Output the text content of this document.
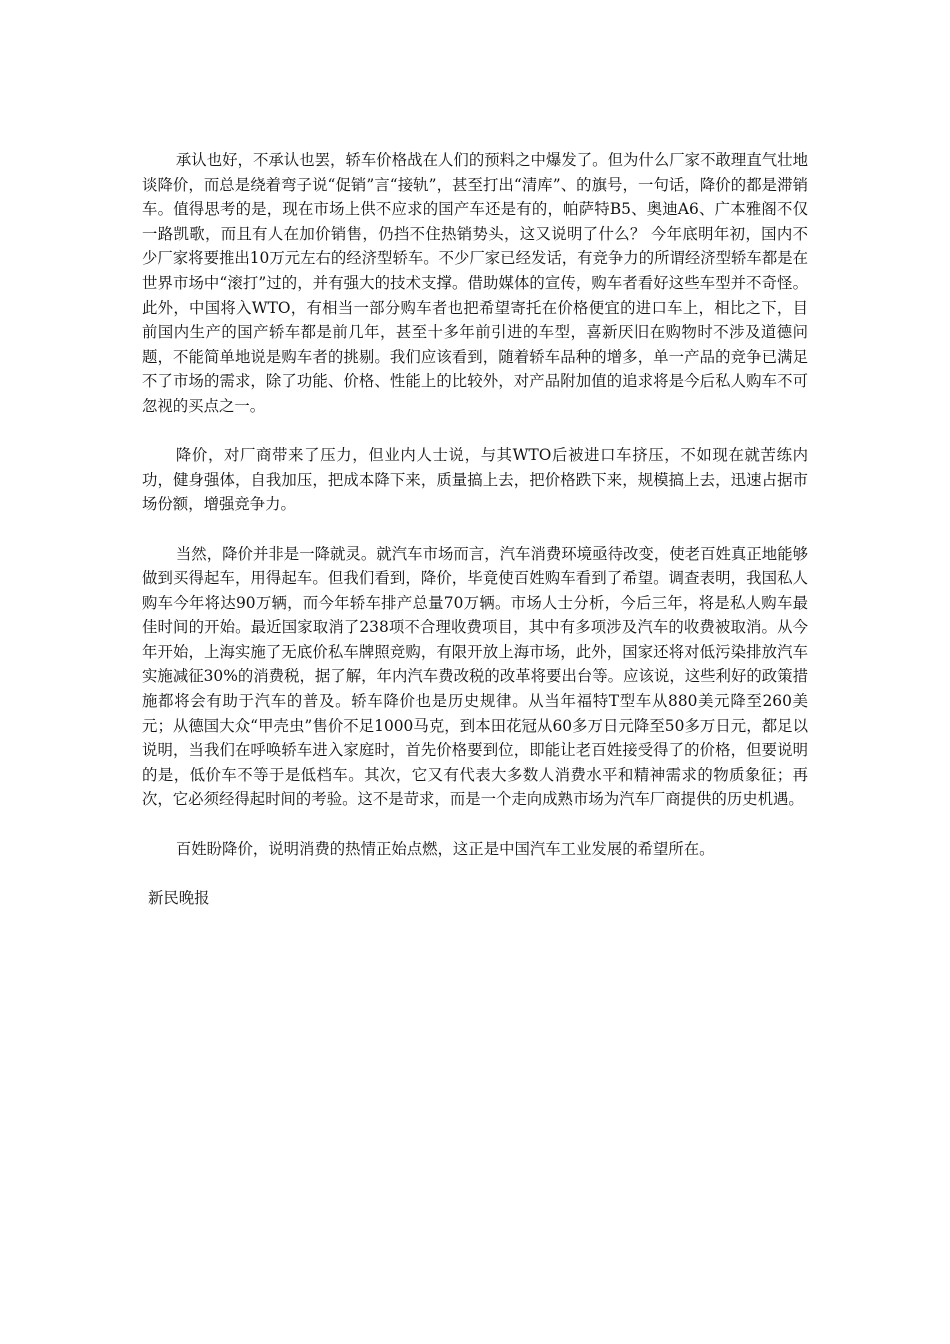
承认也好，不承认也罢，轿车价格战在人们的预料之中爆发了。但为什么厂家不敢理直气壮地谈降价，而总是绕着弯子说“促销”言“接轨”，甚至打出“清库”、的旗号，一句话，降价的都是滞销车。值得思考的是，现在市场上供不应求的国产车还是有的，帕萨特B5、奥迪A6、广本雅阁不仅一路凯歌，而且有人在加价销售，仍挡不住热销势头，这又说明了什么？ 今年底明年初，国内不少厂家将要推出10万元左右的经济型轿车。不少厂家已经发话，有竞争力的所谓经济型轿车都是在世界市场中“滚打”过的，并有强大的技术支撑。借助媒体的宣传，购车者看好这些车型并不奇怪。此外，中国将入WTO，有相当一部分购车者也把希望寄托在价格便宜的进口车上，相比之下，目前国内生产的国产轿车都是前几年，甚至十多年前引进的车型，喜新厌旧在购物时不涉及道德问题，不能简单地说是购车者的挑剔。我们应该看到，随着轿车品种的增多，单一产品的竞争已满足不了市场的需求，除了功能、价格、性能上的比较外，对产品附加值的追求将是今后私人购车不可忽视的买点之一。

降价，对厂商带来了压力，但业内人士说，与其WTO后被进口车挤压，不如现在就苦练内功，健身强体，自我加压，把成本降下来，质量搞上去，把价格跌下来，规模搞上去，迅速占据市场份额，增强竞争力。

当然，降价并非是一降就灵。就汽车市场而言，汽车消费环境亟待改变，使老百姓真正地能够做到买得起车，用得起车。但我们看到，降价，毕竟使百姓购车看到了希望。调查表明，我国私人购车今年将达90万辆，而今年轿车排产总量70万辆。市场人士分析，今后三年，将是私人购车最佳时间的开始。最近国家取消了238项不合理收费项目，其中有多项涉及汽车的收费被取消。从今年开始，上海实施了无底价私车牌照竞购，有限开放上海市场，此外，国家还将对低污染排放汽车实施减征30%的消费税，据了解，年内汽车费改税的改革将要出台等。应该说，这些利好的政策措施都将会有助于汽车的普及。轿车降价也是历史规律。从当年福特T型车从880美元降至260美元；从德国大众“甲壳虫”售价不足1000马克，到本田花冠从60多万日元降至50多万日元，都足以说明，当我们在呼唤轿车进入家庭时，首先价格要到位，即能让老百姓接受得了的价格，但要说明的是，低价车不等于是低档车。其次，它又有代表大多数人消费水平和精神需求的物质象征；再次，它必须经得起时间的考验。这不是苛求，而是一个走向成熟市场为汽车厂商提供的历史机遇。

百姓盼降价，说明消费的热情正始点燃，这正是中国汽车工业发展的希望所在。

新民晚报
